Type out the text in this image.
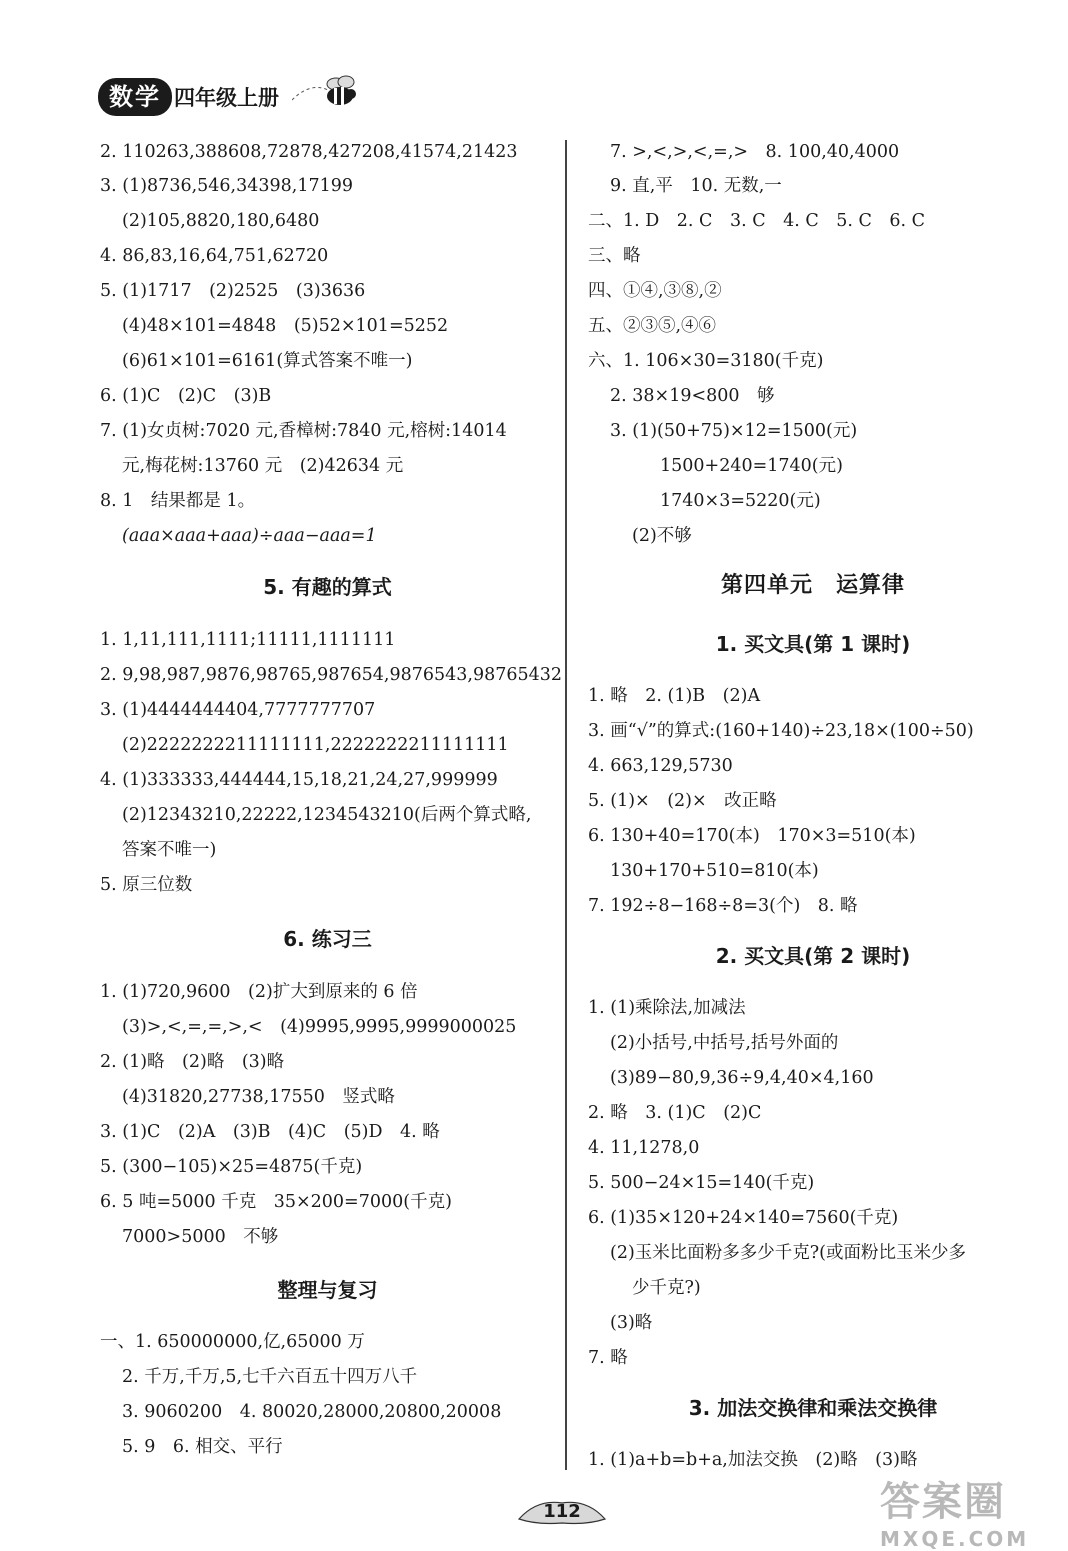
数学 四年级上册
2. 110263,388608,72878,427208,41574,21423
3. (1)8736,546,34398,17199
(2)105,8820,180,6480
4. 86,83,16,64,751,62720
5. (1)1717　(2)2525　(3)3636
(4)48×101=4848　(5)52×101=5252
(6)61×101=6161(算式答案不唯一)
6. (1)C　(2)C　(3)B
7. (1)女贞树:7020 元,香樟树:7840 元,榕树:14014
元,梅花树:13760 元　(2)42634 元
8. 1　结果都是 1。
(aaa×aaa+aaa)÷aaa−aaa=1
5. 有趣的算式
1. 1,11,111,1111;11111,1111111
2. 9,98,987,9876,98765,987654,9876543,98765432
3. (1)4444444404,7777777707
(2)2222222211111111,2222222211111111
4. (1)333333,444444,15,18,21,24,27,999999
(2)12343210,22222,1234543210(后两个算式略,
答案不唯一)
5. 原三位数
6. 练习三
1. (1)720,9600　(2)扩大到原来的 6 倍
(3)>,<,=,=,>,<　(4)9995,9995,9999000025
2. (1)略　(2)略　(3)略
(4)31820,27738,17550　竖式略
3. (1)C　(2)A　(3)B　(4)C　(5)D　4. 略
5. (300−105)×25=4875(千克)
6. 5 吨=5000 千克　35×200=7000(千克)
7000>5000　不够
整理与复习
一、1. 650000000,亿,65000 万
2. 千万,千万,5,七千六百五十四万八千
3. 9060200　4. 80020,28000,20800,20008
5. 9　6. 相交、平行
7. >,<,>,<,=,>　8. 100,40,4000
9. 直,平　10. 无数,一
二、1. D　2. C　3. C　4. C　5. C　6. C
三、略
四、①④,③⑧,②
五、②③⑤,④⑥
六、1. 106×30=3180(千克)
2. 38×19<800　够
3. (1)(50+75)×12=1500(元)
1500+240=1740(元)
1740×3=5220(元)
(2)不够
第四单元　运算律
1. 买文具(第 1 课时)
1. 略　2. (1)B　(2)A
3. 画“√”的算式:(160+140)÷23,18×(100÷50)
4. 663,129,5730
5. (1)×　(2)×　改正略
6. 130+40=170(本)　170×3=510(本)
130+170+510=810(本)
7. 192÷8−168÷8=3(个)　8. 略
2. 买文具(第 2 课时)
1. (1)乘除法,加减法
(2)小括号,中括号,括号外面的
(3)89−80,9,36÷9,4,40×4,160
2. 略　3. (1)C　(2)C
4. 11,1278,0
5. 500−24×15=140(千克)
6. (1)35×120+24×140=7560(千克)
(2)玉米比面粉多多少千克?(或面粉比玉米少多
少千克?)
(3)略
7. 略
3. 加法交换律和乘法交换律
1. (1)a+b=b+a,加法交换　(2)略　(3)略
112	答案圈
MXQE.COM
